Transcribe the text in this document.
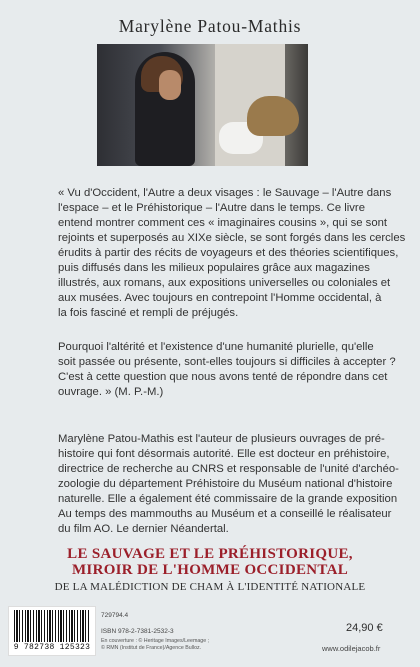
Marylène Patou-Mathis
« Vu d'Occident, l'Autre a deux visages : le Sauvage – l'Autre dans
l'espace – et le Préhistorique – l'Autre dans le temps. Ce livre
entend montrer comment ces « imaginaires cousins », qui se sont
rejoints et superposés au XIXe siècle, se sont forgés dans les cercles
érudits à partir des récits de voyageurs et des théories scientifiques,
puis diffusés dans les milieux populaires grâce aux magazines
illustrés, aux romans, aux expositions universelles ou coloniales et
aux musées. Avec toujours en contrepoint l'Homme occidental, à
la fois fasciné et rempli de préjugés.
Pourquoi l'altérité et l'existence d'une humanité plurielle, qu'elle
soit passée ou présente, sont-elles toujours si difficiles à accepter ?
C'est à cette question que nous avons tenté de répondre dans cet
ouvrage. » (M. P.-M.)
Marylène Patou-Mathis est l'auteur de plusieurs ouvrages de pré-
histoire qui font désormais autorité. Elle est docteur en préhistoire,
directrice de recherche au CNRS et responsable de l'unité d'archéo-
zoologie du département Préhistoire du Muséum national d'histoire
naturelle. Elle a également été commissaire de la grande exposition
Au temps des mammouths au Muséum et a conseillé le réalisateur
du film AO. Le dernier Néandertal.
LE SAUVAGE ET LE PRÉHISTORIQUE,
MIROIR DE L'HOMME OCCIDENTAL
DE LA MALÉDICTION DE CHAM À L'IDENTITÉ NATIONALE
9 782738 125323
729794.4
ISBN 978-2-7381-2532-3
En couverture : © Heritage Images/Leemage ;
© RMN (Institut de France)/Agence Bulloz.
24,90 €
www.odilejacob.fr
